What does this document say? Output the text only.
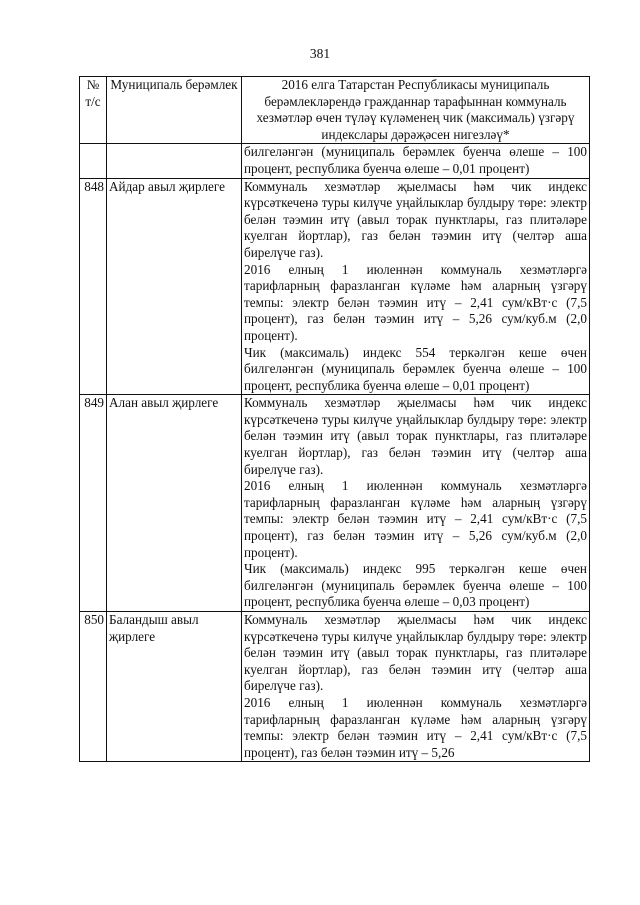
381
№ т/с	Муниципаль берәмлек	2016 елга Татарстан Республикасы муниципаль берәмлекләрендә гражданнар тарафыннан коммуналь хезмәтләр өчен түләү күләменең чик (максималь) үзгәрү индекслары дәрәҗәсен нигезләү*

		билгеләнгән (муниципаль берәмлек буенча өлеше – 100 процент, республика буенча өлеше – 0,01 процент)

848	Айдар авыл җирлеге	Коммуналь хезмәтләр җыелмасы һәм чик индекс күрсәткеченә туры килүче уңайлыклар булдыру төре: электр белән тәэмин итү (авыл торак пунктлары, газ плитәләре куелган йортлар), газ белән тәэмин итү (челтәр аша бирелүче газ).
2016 елның 1 июленнән коммуналь хезмәтләргә тарифларның фаразланган күләме һәм аларның үзгәрү темпы: электр белән тәэмин итү – 2,41 сум/кВт·с (7,5 процент), газ белән тәэмин итү – 5,26 сум/куб.м (2,0 процент).
Чик (максималь) индекс 554 теркәлгән кеше өчен билгеләнгән (муниципаль берәмлек буенча өлеше – 100 процент, республика буенча өлеше – 0,01 процент)

849	Алан авыл җирлеге	Коммуналь хезмәтләр җыелмасы һәм чик индекс күрсәткеченә туры килүче уңайлыклар булдыру төре: электр белән тәэмин итү (авыл торак пунктлары, газ плитәләре куелган йортлар), газ белән тәэмин итү (челтәр аша бирелүче газ).
2016 елның 1 июленнән коммуналь хезмәтләргә тарифларның фаразланган күләме һәм аларның үзгәрү темпы: электр белән тәэмин итү – 2,41 сум/кВт·с (7,5 процент), газ белән тәэмин итү – 5,26 сум/куб.м (2,0 процент).
Чик (максималь) индекс 995 теркәлгән кеше өчен билгеләнгән (муниципаль берәмлек буенча өлеше – 100 процент, республика буенча өлеше – 0,03 процент)

850	Баландыш авыл җирлеге	Коммуналь хезмәтләр җыелмасы һәм чик индекс күрсәткеченә туры килүче уңайлыклар булдыру төре: электр белән тәэмин итү (авыл торак пунктлары, газ плитәләре куелган йортлар), газ белән тәэмин итү (челтәр аша бирелүче газ).
2016 елның 1 июленнән коммуналь хезмәтләргә тарифларның фаразланган күләме һәм аларның үзгәрү темпы: электр белән тәэмин итү – 2,41 сум/кВт·с (7,5 процент), газ белән тәэмин итү – 5,26
